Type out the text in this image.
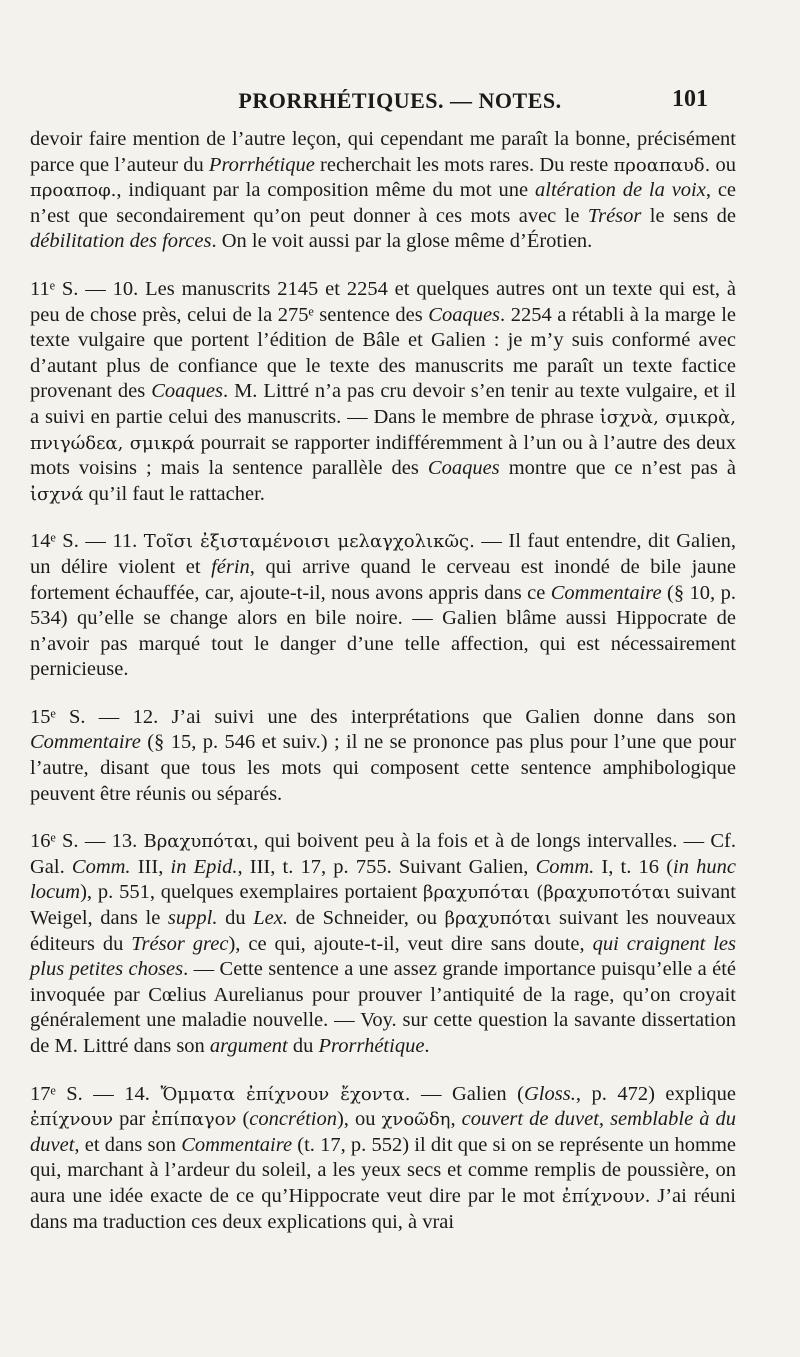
PRORRHÉTIQUES. — NOTES.	101

devoir faire mention de l’autre leçon, qui cependant me paraît la bonne, précisément parce que l’auteur du Prorrhétique recherchait les mots rares. Du reste προαπαυδ. ou προαποφ., indiquant par la composition même du mot une altération de la voix, ce n’est que secondairement qu’on peut donner à ces mots avec le Trésor le sens de débilitation des forces. On le voit aussi par la glose même d’Érotien.

11ᵉ S. — 10. Les manuscrits 2145 et 2254 et quelques autres ont un texte qui est, à peu de chose près, celui de la 275ᵉ sentence des Coaques. 2254 a rétabli à la marge le texte vulgaire que portent l’édition de Bâle et Galien : je m’y suis conformé avec d’autant plus de confiance que le texte des manuscrits me paraît un texte factice provenant des Coaques. M. Littré n’a pas cru devoir s’en tenir au texte vulgaire, et il a suivi en partie celui des manuscrits. — Dans le membre de phrase ἰσχνὰ, σμικρὰ, πνιγώδεα, σμικρά pourrait se rapporter indifféremment à l’un ou à l’autre des deux mots voisins ; mais la sentence parallèle des Coaques montre que ce n’est pas à ἰσχνά qu’il faut le rattacher.

14ᵉ S. — 11. Τοῖσι ἐξισταμένοισι μελαγχολικῶς. — Il faut entendre, dit Galien, un délire violent et férin, qui arrive quand le cerveau est inondé de bile jaune fortement échauffée, car, ajoute-t-il, nous avons appris dans ce Commentaire (§ 10, p. 534) qu’elle se change alors en bile noire. — Galien blâme aussi Hippocrate de n’avoir pas marqué tout le danger d’une telle affection, qui est nécessairement pernicieuse.

15ᵉ S. — 12. J’ai suivi une des interprétations que Galien donne dans son Commentaire (§ 15, p. 546 et suiv.) ; il ne se prononce pas plus pour l’une que pour l’autre, disant que tous les mots qui composent cette sentence amphibologique peuvent être réunis ou séparés.

16ᵉ S. — 13. Βραχυπόται, qui boivent peu à la fois et à de longs intervalles. — Cf. Gal. Comm. III, in Epid., III, t. 17, p. 755. Suivant Galien, Comm. I, t. 16 (in hunc locum), p. 551, quelques exemplaires portaient βραχυπόται (βραχυποτόται suivant Weigel, dans le suppl. du Lex. de Schneider, ou βραχυπόται suivant les nouveaux éditeurs du Trésor grec), ce qui, ajoute-t-il, veut dire sans doute, qui craignent les plus petites choses. — Cette sentence a une assez grande importance puisqu’elle a été invoquée par Cœlius Aurelianus pour prouver l’antiquité de la rage, qu’on croyait généralement une maladie nouvelle. — Voy. sur cette question la savante dissertation de M. Littré dans son argument du Prorrhétique.

17ᵉ S. — 14. Ὄμματα ἐπίχνουν ἔχοντα. — Galien (Gloss., p. 472) explique ἐπίχνουν par ἐπίπαγον (concrétion), ou χνοῶδη, couvert de duvet, semblable à du duvet, et dans son Commentaire (t. 17, p. 552) il dit que si on se représente un homme qui, marchant à l’ardeur du soleil, a les yeux secs et comme remplis de poussière, on aura une idée exacte de ce qu’Hippocrate veut dire par le mot ἐπίχνουν. J’ai réuni dans ma traduction ces deux explications qui, à vrai
